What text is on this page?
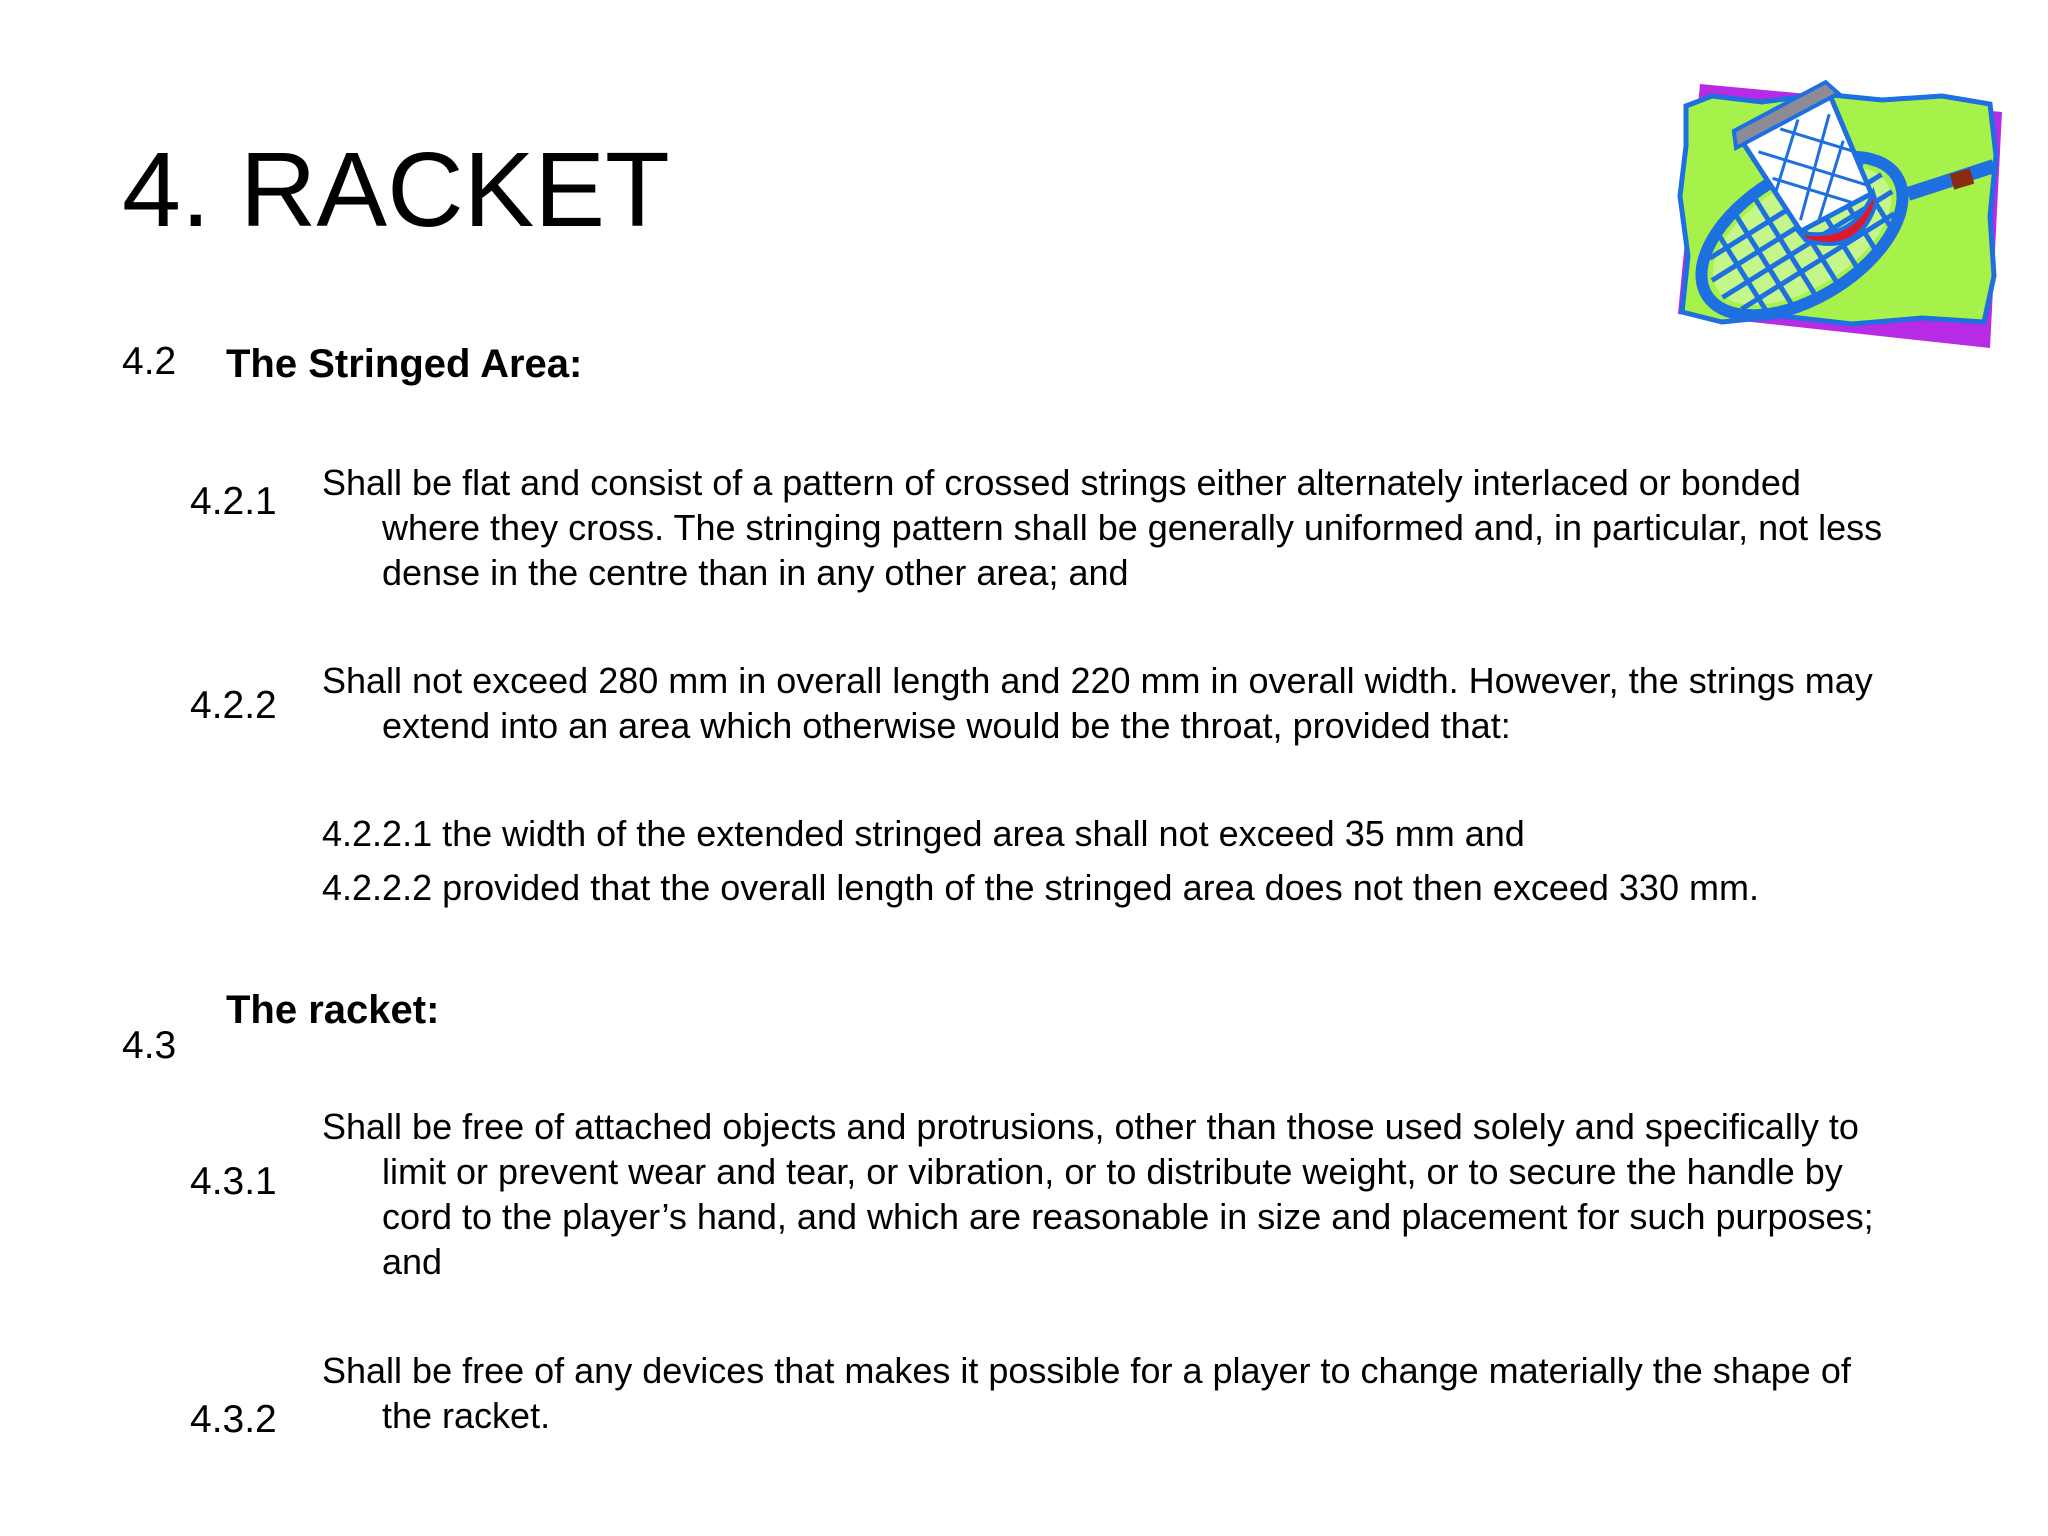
4. RACKET
4.2 The Stringed Area:
4.2.1 Shall be flat and consist of a pattern of crossed strings either alternately interlaced or bonded
where they cross. The stringing pattern shall be generally uniformed and, in particular, not less
dense in the centre than in any other area; and
4.2.2
Shall not exceed 280 mm in overall length and 220 mm in overall width. However, the strings may
extend into an area which otherwise would be the throat, provided that:
4.2.2.1 the width of the extended stringed area shall not exceed 35 mm and
4.2.2.2 provided that the overall length of the stringed area does not then exceed 330 mm.
The racket:
4.3
4.3.1
Shall be free of attached objects and protrusions, other than those used solely and specifically to
limit or prevent wear and tear, or vibration, or to distribute weight, or to secure the handle by
cord to the player’s hand, and which are reasonable in size and placement for such purposes;
and
4.3.2
Shall be free of any devices that makes it possible for a player to change materially the shape of
the racket.
